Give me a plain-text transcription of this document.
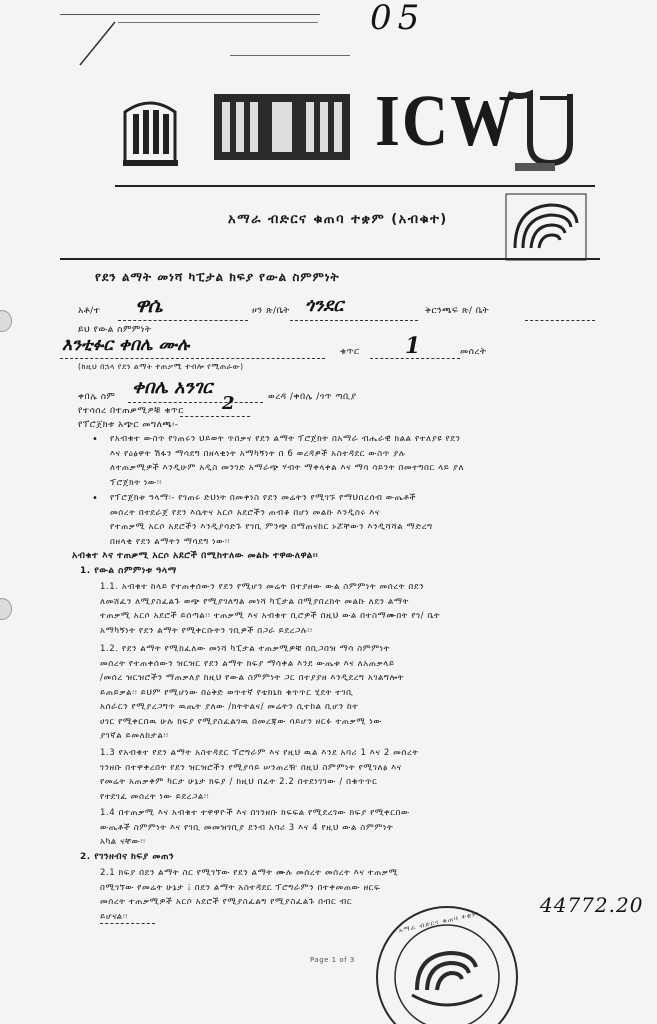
05
ICW
አማራ ብድርና ቁጠባ ተቋም (አብቁተ)
የደን ልማት መነሻ ካፒታል ክፍያ የውል ስምምነት
አቶ/ተ ዋሴ	ዞን ጽ/ቤት ጎንደር	ቅርንጫፍ ጽ/ ቤት
ይህ የውል ስምምነት
እንቲፉር ቀበሌ ሙሉ	ቁጥር 1	መሰረት
(ከዚህ በኋላ የደን ልማት ተጠቃሚ ተብሎ የሚጠራው)
ቀበሌ ስም ቀበሌ አንገር	ወረዳ /ቀበሌ /ጎጥ ጣቢያ
የተሳሰረ በተጠቃሚዎቹ ቁጥር 2
የፕሮጀክቱ አጭር መግለጫ፡-
• የአብቁተ ውስጥ የገጠሩን ህይወት ጥበቃና የደን ልማት ፕሮጀክት በአማራ ብሔራዊ ክልል የተለያዩ የደን
እና የዕፅዋት ሽፋን ማሳደግ በዘላቂነት አማካኝነት በ 6 ወረዳዎች አስተዳደር ውስጥ ያሉ
ለተጠቃሚዎች እንዲሁም አዲስ መንገድ አማራጭ ሃብት ማቀላቀል እና ማሳ ሳይንት በመተግበር ላይ ያለ
ፕሮጀክት ነው፡፡
• የፕሮጀክቱ ዓላማ፡- የገጠሩ ድህነት በመቀነስ የደን መሬትን የሚገኙ የማህበረሰብ ውጤቶች
መሰረት በተደራጀ የደን እሴትና አርሶ አደሮችን ጠብቆ በሆነ መልኩ እንዲሰሩ እና
የተጠቃሚ አርሶ አደሮችን እንዲያሳድጉ የገቢ ምንጭ በማጠናከር ኑሯቸውን እንዲሻሻል ማድረግ
በዘላቂ የደን ልማትን ማሳደግ ነው፡፡
አብቁተ እና ተጠቃሚ አርሶ አደሮች በሚከተለው መልኩ ተዋውለዋል፡፡
1. የውል ስምምነቱ ዓላማ
1.1. አብቁተ ከላይ የተጠቀሰውን የደን የሚሆን መሬት በተያዘው ውል ስምምነት መሰረት በደን
ለመሸፈን ለሚያስፈልጉ ወጭ የሚያገለግል መነሻ ካፒታል በሚያበረክት መልኩ ለደን ልማት
ተጠቃሚ አርሶ አደሮች ይሰጣል፡፡ ተጠቃሚ እና አብቁተ ቢሮዎች በዚህ ውል በተስማሙበት የገ/ ቤት
አማካኝነት የደን ልማት የሚቀርቡትን ገቢዎች በጋራ ይደረጋሉ፡፡
1.2. የደን ልማት የሚከፈለው መነሻ ካፒታል ተጠቃሚዎቹ በቢጋበዝ ማሳ ስምምነት
መሰረት የተጠቀሰውን ዝርዝር የደን ልማት ክፍያ ማሳቀል እንደ ውጤቱ እና ለአጠቃላይ
/መሰረ ዝርዝሮችን ማጠቃለያ ከዚህ የውል ስምምነት ጋር በተያያዘ እንዲደረግ አገልግሎት
ይጠይቃል፡፡ ይህም የሚሆነው በዕቅድ ወጥተኛ የቴክኒክ ቁጥጥር ሂደት ተገቢ
አሰራርን የሚያረጋግጥ ዉጤት ያለው /ክትትልና/ መሬትን ሲተከል ቢሆን ከተ
ሀገር የሚቀርበዉ ሁሉ ክፍያ የሚያስፈልገዉ በመረጃው ሳይሆን ዘርፉ ተጠቃሚ ነው
ያገኛል ይመለከታል፡፡
1.3 የአብቁተ የደን ልማት አስተዳደር ፕሮግራም እና የዚህ ዉል እንደ አባሪ 1 እና 2 መሰረት
ገንዘቡ በተዋቀረበት የደን ዝርዝሮችን የሚያሳይ ሠንጠረዥ በዚህ ስምምነት የሚገለፅ እና
የመሬት አጠቃቀም ካርታ ሁኔታ ክፍያ / ከዚህ በፊት 2.2 በተደነገገው / በቁጥጥር
የተደገፈ መሰረት ነው ይደረጋል፡፡
1.4 በተጠቃሚ እና አብቁተ ተዋዋዮች እና በገንዘቡ ክፍፍል የሚደረገው ክፍያ የሚቀርበው
ውጤቶች ስምምነት እና የገቢ መመዝገቢያ ደንብ አባሪ 3 እና 4 የዚህ ውል ስምምነት
አካል ናቸው፡፡
2. የገንዘብና ክፍያ መጠን
2.1 ክፍያ በደን ልማት ስር የሚገኘው የደን ልማት ሙሉ መሰረት መሰረት እና ተጠቃሚ
በሚገኘው የመሬት ሁኔታ ፤ በደን ልማት አስተዳደር ፕሮግራምን በተቀመጠው ዘርፍ
መሰረት ተጠቃሚዎች አርሶ አደሮች የሚያስፈልግ የሚያስፈልጉ በብር ብር
ይሆናል፡፡	44772.20
Page 1 of 3
አማራ ብድርና ቁጠባ ተቋም
